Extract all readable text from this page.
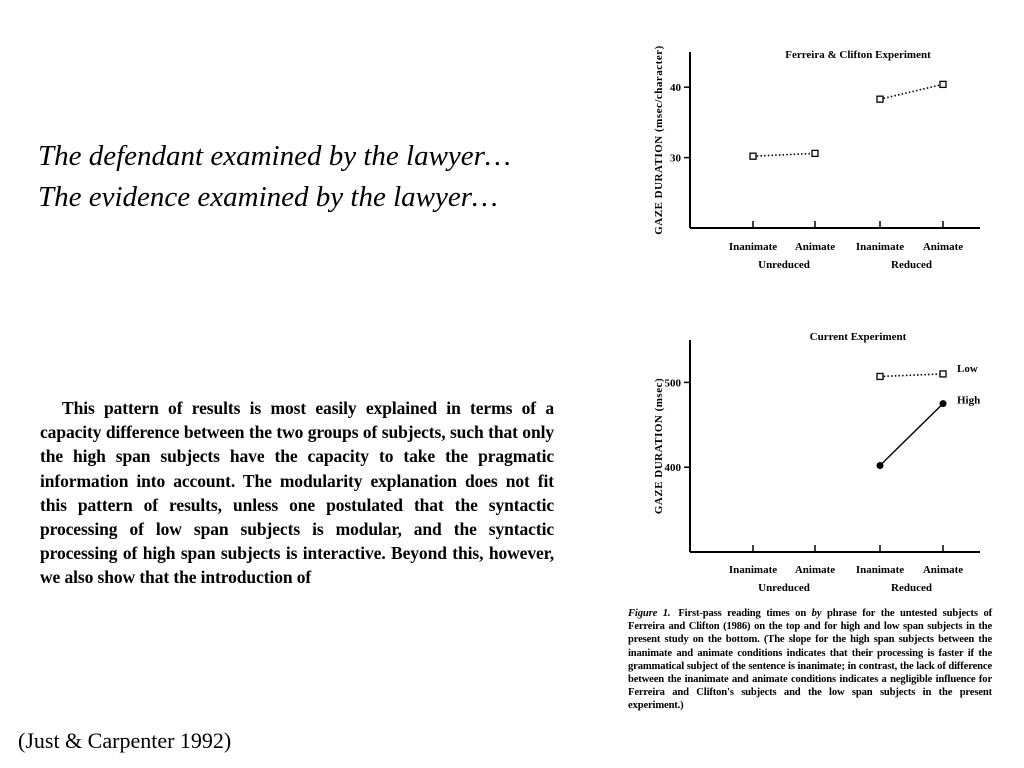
The defendant examined by the lawyer…
The evidence examined by the lawyer…

This pattern of results is most easily explained in terms of a capacity difference between the two groups of subjects, such that only the high span subjects have the capacity to take the pragmatic information into account. The modularity explanation does not fit this pattern of results, unless one postulated that the syntactic processing of low span subjects is modular, and the syntactic processing of high span subjects is interactive. Beyond this, however, we also show that the introduction of

(Just & Carpenter 1992)
Ferreira & Clifton Experiment
30
40
GAZE DURATION (msec/character)
Inanimate Animate Inanimate Animate
Unreduced	Reduced
Current Experiment
400
500
GAZE DURATION (msec)
Inanimate Animate Inanimate Animate
Unreduced	Reduced
Low
High
Figure 1. First-pass reading times on by phrase for the untested subjects of Ferreira and Clifton (1986) on the top and for high and low span subjects in the present study on the bottom. (The slope for the high span subjects between the inanimate and animate conditions indicates that their processing is faster if the grammatical subject of the sentence is inanimate; in contrast, the lack of difference between the inanimate and animate conditions indicates a negligible influence for Ferreira and Clifton's subjects and the low span subjects in the present experiment.)
